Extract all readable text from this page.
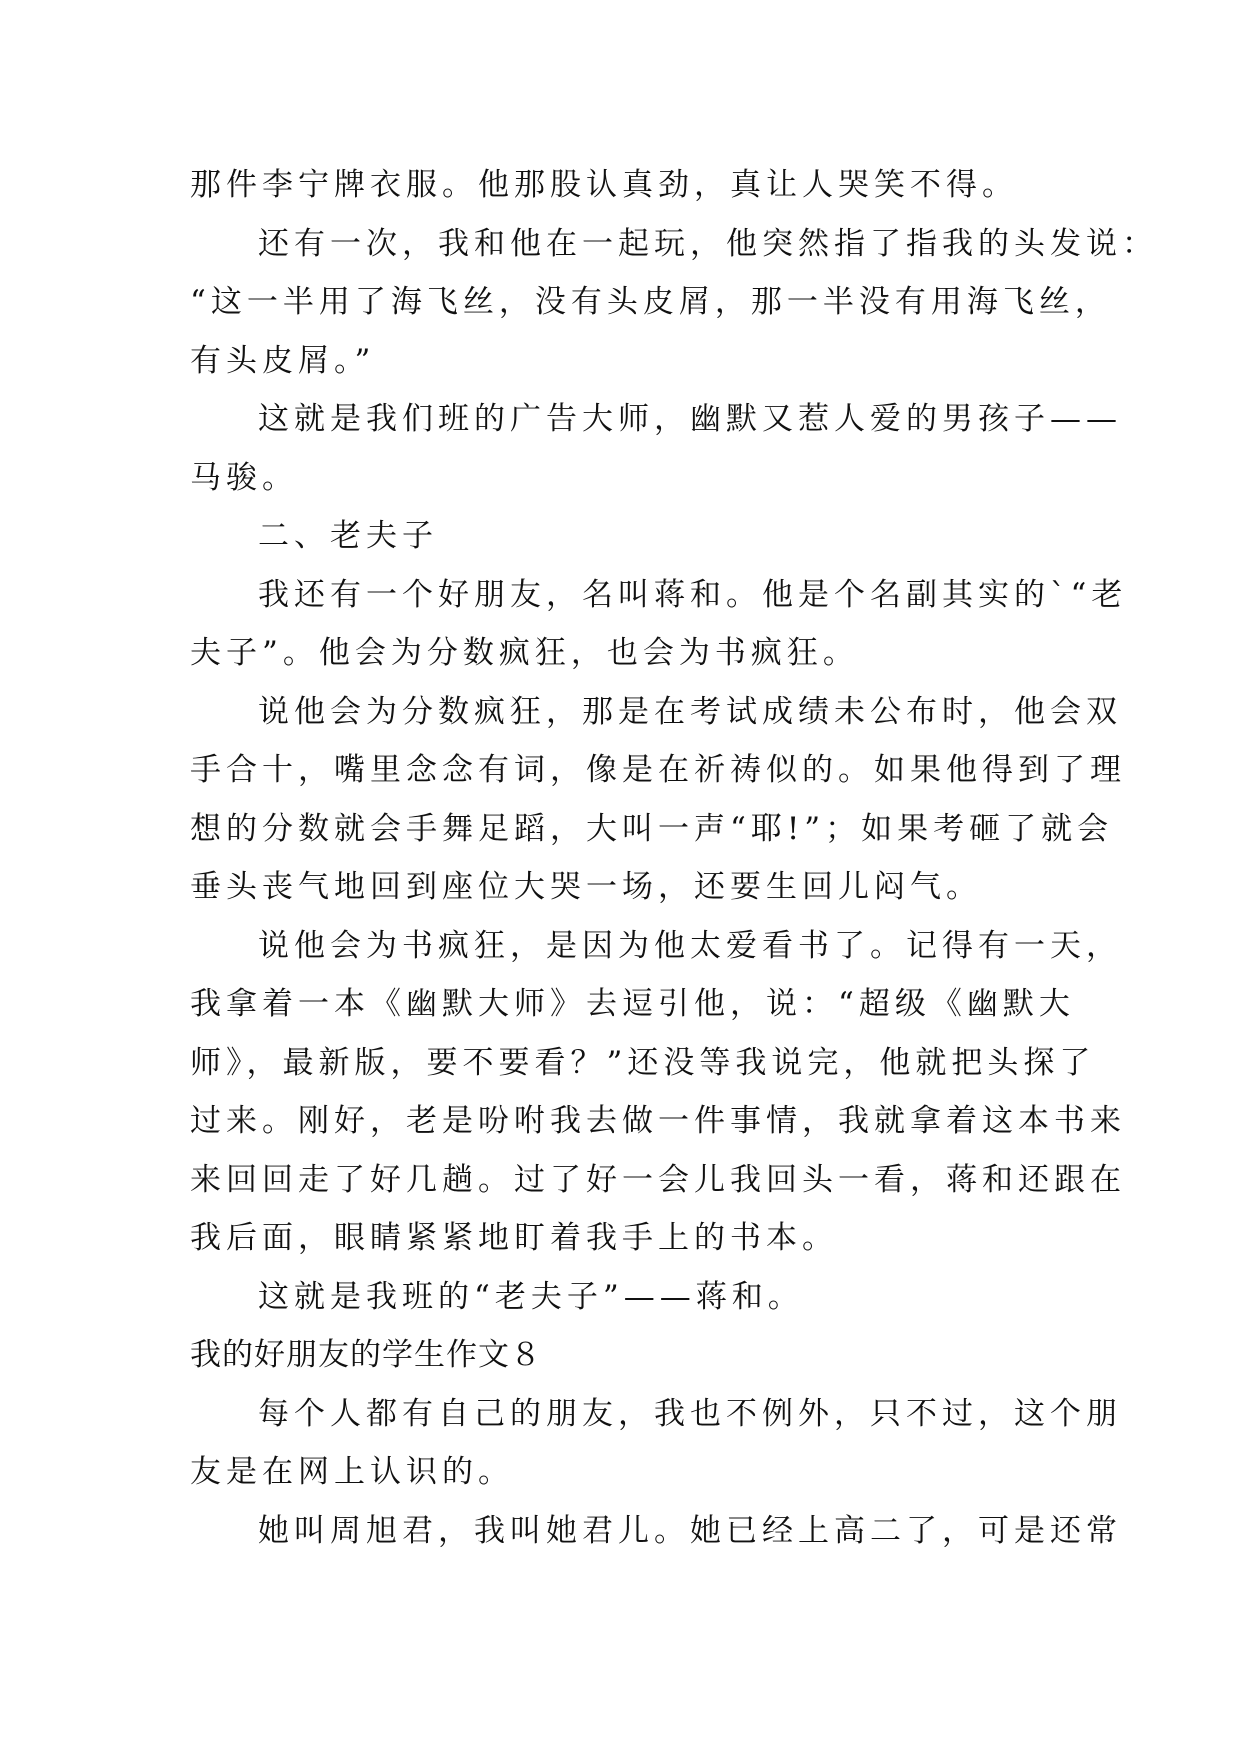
那件李宁牌衣服。他那股认真劲，真让人哭笑不得。

还有一次，我和他在一起玩，他突然指了指我的头发说：

“这一半用了海飞丝，没有头皮屑，那一半没有用海飞丝，

有头皮屑。”

这就是我们班的广告大师，幽默又惹人爱的男孩子——

马骏。

二、老夫子

我还有一个好朋友，名叫蒋和。他是个名副其实的`“老

夫子”。他会为分数疯狂，也会为书疯狂。

说他会为分数疯狂，那是在考试成绩未公布时，他会双

手合十，嘴里念念有词，像是在祈祷似的。如果他得到了理

想的分数就会手舞足蹈，大叫一声“耶!”；如果考砸了就会

垂头丧气地回到座位大哭一场，还要生回儿闷气。

说他会为书疯狂，是因为他太爱看书了。记得有一天，

我拿着一本《幽默大师》去逗引他，说：“超级《幽默大

师》，最新版，要不要看？”还没等我说完，他就把头探了

过来。刚好，老是吩咐我去做一件事情，我就拿着这本书来

来回回走了好几趟。过了好一会儿我回头一看，蒋和还跟在

我后面，眼睛紧紧地盯着我手上的书本。

这就是我班的“老夫子”——蒋和。

我的好朋友的学生作文８

每个人都有自己的朋友，我也不例外，只不过，这个朋

友是在网上认识的。

她叫周旭君，我叫她君儿。她已经上高二了，可是还常
